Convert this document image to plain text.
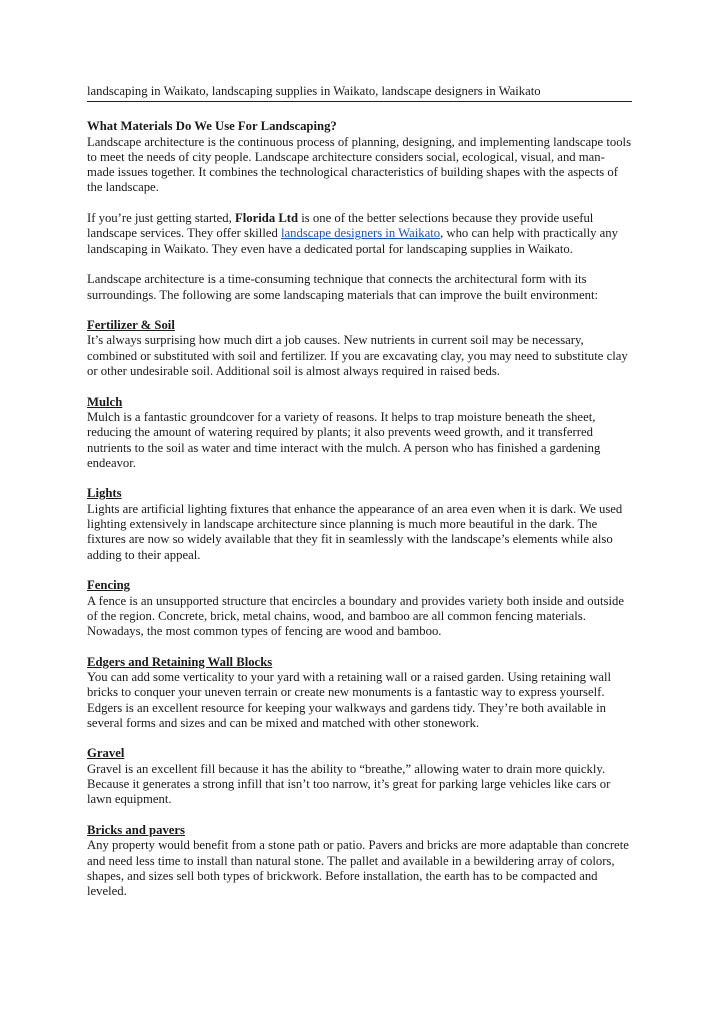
landscaping in Waikato, landscaping supplies in Waikato, landscape designers in Waikato
What Materials Do We Use For Landscaping?

Landscape architecture is the continuous process of planning, designing, and implementing landscape tools to meet the needs of city people. Landscape architecture considers social, ecological, visual, and man-made issues together. It combines the technological characteristics of building shapes with the aspects of the landscape.

If you’re just getting started, Florida Ltd is one of the better selections because they provide useful landscape services. They offer skilled landscape designers in Waikato, who can help with practically any landscaping in Waikato. They even have a dedicated portal for landscaping supplies in Waikato.

Landscape architecture is a time-consuming technique that connects the architectural form with its surroundings. The following are some landscaping materials that can improve the built environment:

Fertilizer & Soil
It’s always surprising how much dirt a job causes. New nutrients in current soil may be necessary, combined or substituted with soil and fertilizer. If you are excavating clay, you may need to substitute clay or other undesirable soil. Additional soil is almost always required in raised beds.
Mulch
Mulch is a fantastic groundcover for a variety of reasons. It helps to trap moisture beneath the sheet, reducing the amount of watering required by plants; it also prevents weed growth, and it transferred nutrients to the soil as water and time interact with the mulch. A person who has finished a gardening endeavor.
Lights
Lights are artificial lighting fixtures that enhance the appearance of an area even when it is dark. We used lighting extensively in landscape architecture since planning is much more beautiful in the dark. The fixtures are now so widely available that they fit in seamlessly with the landscape’s elements while also adding to their appeal.
Fencing
A fence is an unsupported structure that encircles a boundary and provides variety both inside and outside of the region. Concrete, brick, metal chains, wood, and bamboo are all common fencing materials. Nowadays, the most common types of fencing are wood and bamboo.
Edgers and Retaining Wall Blocks
You can add some verticality to your yard with a retaining wall or a raised garden. Using retaining wall bricks to conquer your uneven terrain or create new monuments is a fantastic way to express yourself. Edgers is an excellent resource for keeping your walkways and gardens tidy. They’re both available in several forms and sizes and can be mixed and matched with other stonework.
Gravel
Gravel is an excellent fill because it has the ability to “breathe,” allowing water to drain more quickly. Because it generates a strong infill that isn’t too narrow, it’s great for parking large vehicles like cars or lawn equipment.
Bricks and pavers
Any property would benefit from a stone path or patio. Pavers and bricks are more adaptable than concrete and need less time to install than natural stone. The pallet and available in a bewildering array of colors, shapes, and sizes sell both types of brickwork. Before installation, the earth has to be compacted and leveled.
